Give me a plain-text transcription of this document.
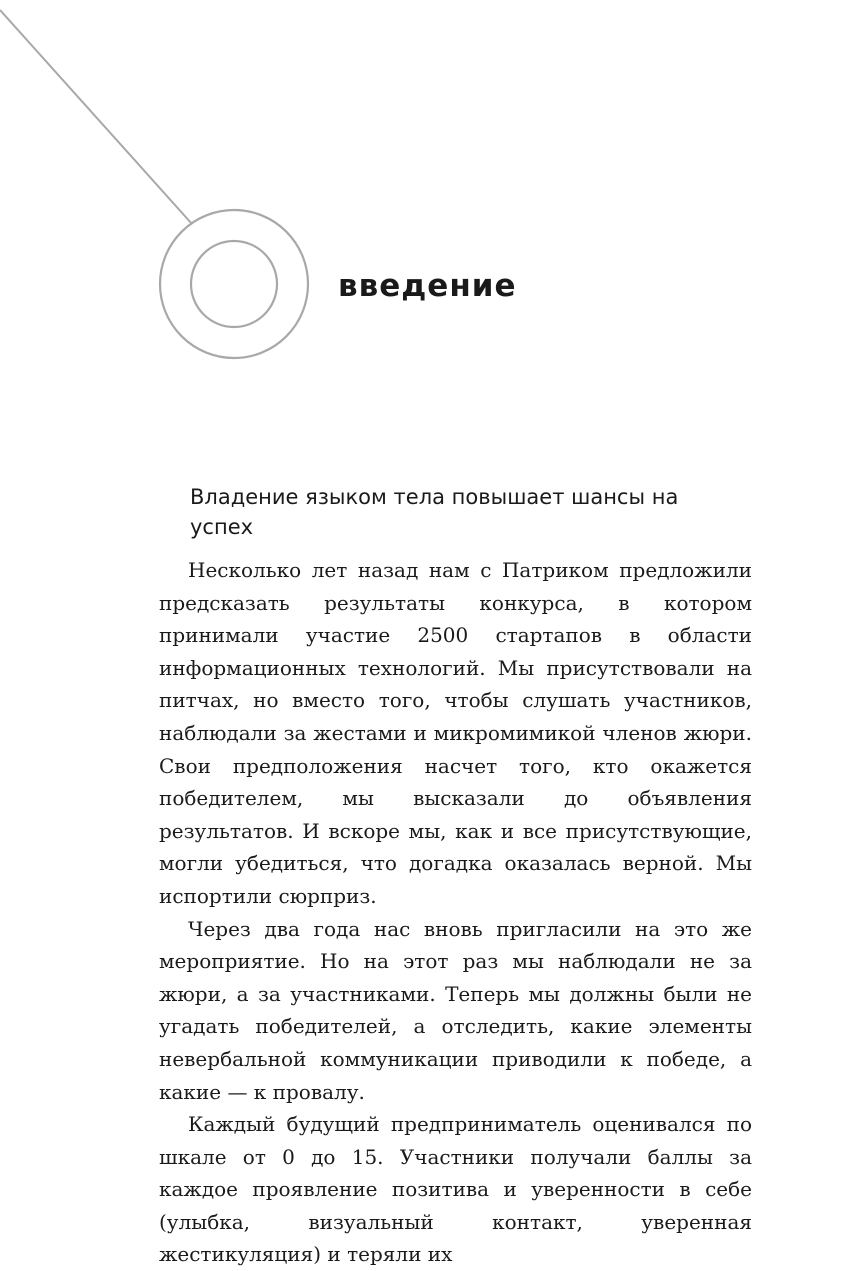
введение
Владение языком тела повышает шансы на успех

Несколько лет назад нам с Патриком предложили предсказать результаты конкурса, в котором принимали участие 2500 стартапов в области информационных технологий. Мы присутствовали на питчах, но вместо того, чтобы слушать участников, наблюдали за жестами и микромимикой членов жюри. Свои предположения насчет того, кто окажется победителем, мы высказали до объявления результатов. И вскоре мы, как и все присутствующие, могли убедиться, что догадка оказалась верной. Мы испортили сюрприз.

Через два года нас вновь пригласили на это же мероприятие. Но на этот раз мы наблюдали не за жюри, а за участниками. Теперь мы должны были не угадать победителей, а отследить, какие элементы невербальной коммуникации приводили к победе, а какие — к провалу.

Каждый будущий предприниматель оценивался по шкале от 0 до 15. Участники получали баллы за каждое проявление позитива и уверенности в себе (улыбка, визуальный контакт, уверенная жестикуляция) и теряли их
